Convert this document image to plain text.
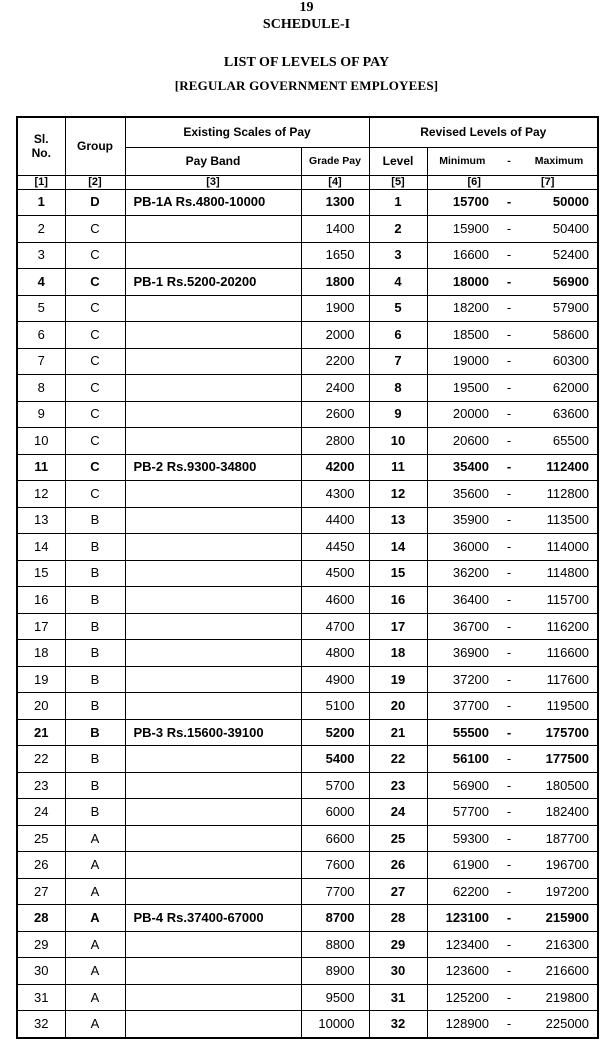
19
SCHEDULE-I
LIST OF LEVELS OF PAY
[REGULAR GOVERNMENT EMPLOYEES]
Sl. No.	Group	Existing Scales of Pay		Revised Levels of Pay			
		Pay Band	Grade Pay	Level	Minimum	-	Maximum
[1]	[2]	[3]	[4]	[5]	[6] [7]		
1	D	PB-1A Rs.4800-10000	1300	1	15700	-	50000
2	C		1400	2	15900	-	50400
3	C		1650	3	16600	-	52400
4	C	PB-1 Rs.5200-20200	1800	4	18000	-	56900
5	C		1900	5	18200	-	57900
6	C		2000	6	18500	-	58600
7	C		2200	7	19000	-	60300
8	C		2400	8	19500	-	62000
9	C		2600	9	20000	-	63600
10	C		2800	10	20600	-	65500
11	C	PB-2 Rs.9300-34800	4200	11	35400	-	112400
12	C		4300	12	35600	-	112800
13	B		4400	13	35900	-	113500
14	B		4450	14	36000	-	114000
15	B		4500	15	36200	-	114800
16	B		4600	16	36400	-	115700
17	B		4700	17	36700	-	116200
18	B		4800	18	36900	-	116600
19	B		4900	19	37200	-	117600
20	B		5100	20	37700	-	119500
21	B	PB-3 Rs.15600-39100	5200	21	55500	-	175700
22	B		5400	22	56100	-	177500
23	B		5700	23	56900	-	180500
24	B		6000	24	57700	-	182400
25	A		6600	25	59300	-	187700
26	A		7600	26	61900	-	196700
27	A		7700	27	62200	-	197200
28	A	PB-4 Rs.37400-67000	8700	28	123100	-	215900
29	A		8800	29	123400	-	216300
30	A		8900	30	123600	-	216600
31	A		9500	31	125200	-	219800
32	A		10000	32	128900	-	225000
